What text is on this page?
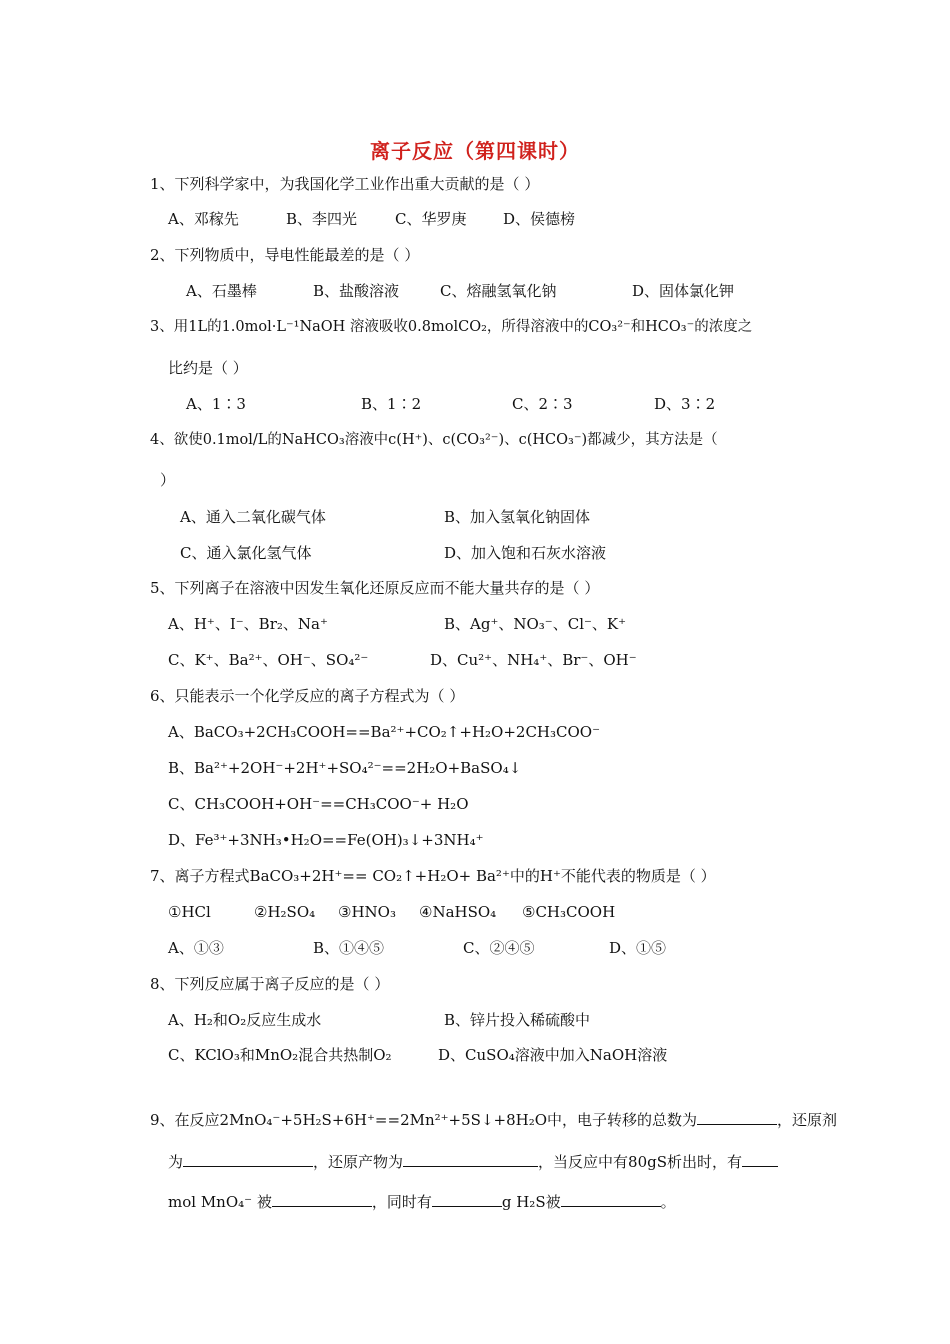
离子反应（第四课时）
1、下列科学家中，为我国化学工业作出重大贡献的是（ ）
A、邓稼先	B、李四光	C、华罗庚 D、侯德榜
2、下列物质中，导电性能最差的是（ ）
A、石墨棒	B、盐酸溶液	C、熔融氢氧化钠	D、固体氯化钾
3、用1L的1.0mol·L⁻¹NaOH 溶液吸收0.8molCO₂，所得溶液中的CO₃²⁻和HCO₃⁻的浓度之
比约是（ ）
A、1∶3	B、1∶2	C、2∶3	D、3∶2
4、欲使0.1mol/L的NaHCO₃溶液中c(H⁺)、c(CO₃²⁻)、c(HCO₃⁻)都减少，其方法是（
）
A、通入二氧化碳气体	B、加入氢氧化钠固体
C、通入氯化氢气体	D、加入饱和石灰水溶液
5、下列离子在溶液中因发生氧化还原反应而不能大量共存的是（ ）
A、H⁺、I⁻、Br₂、Na⁺	B、Ag⁺、NO₃⁻、Cl⁻、K⁺
C、K⁺、Ba²⁺、OH⁻、SO₄²⁻	D、Cu²⁺、NH₄⁺、Br⁻、OH⁻
6、只能表示一个化学反应的离子方程式为（ ）
A、BaCO₃+2CH₃COOH==Ba²⁺+CO₂↑+H₂O+2CH₃COO⁻
B、Ba²⁺+2OH⁻+2H⁺+SO₄²⁻==2H₂O+BaSO₄↓
C、CH₃COOH+OH⁻==CH₃COO⁻+ H₂O
D、Fe³⁺+3NH₃•H₂O==Fe(OH)₃↓+3NH₄⁺
7、离子方程式BaCO₃+2H⁺== CO₂↑+H₂O+ Ba²⁺中的H⁺不能代表的物质是（ ）
①HCl	②H₂SO₄ ③HNO₃ ④NaHSO₄ ⑤CH₃COOH
A、①③	B、①④⑤	C、②④⑤	D、①⑤
8、下列反应属于离子反应的是（ ）
A、H₂和O₂反应生成水	B、锌片投入稀硫酸中
C、KClO₃和MnO₂混合共热制O₂	D、CuSO₄溶液中加入NaOH溶液
9、在反应2MnO₄⁻+5H₂S+6H⁺==2Mn²⁺+5S↓+8H₂O中，电子转移的总数为	，还原剂
为	，还原产物为	，当反应中有80gS析出时，有
mol MnO₄⁻ 被	，同时有	g H₂S被	。
